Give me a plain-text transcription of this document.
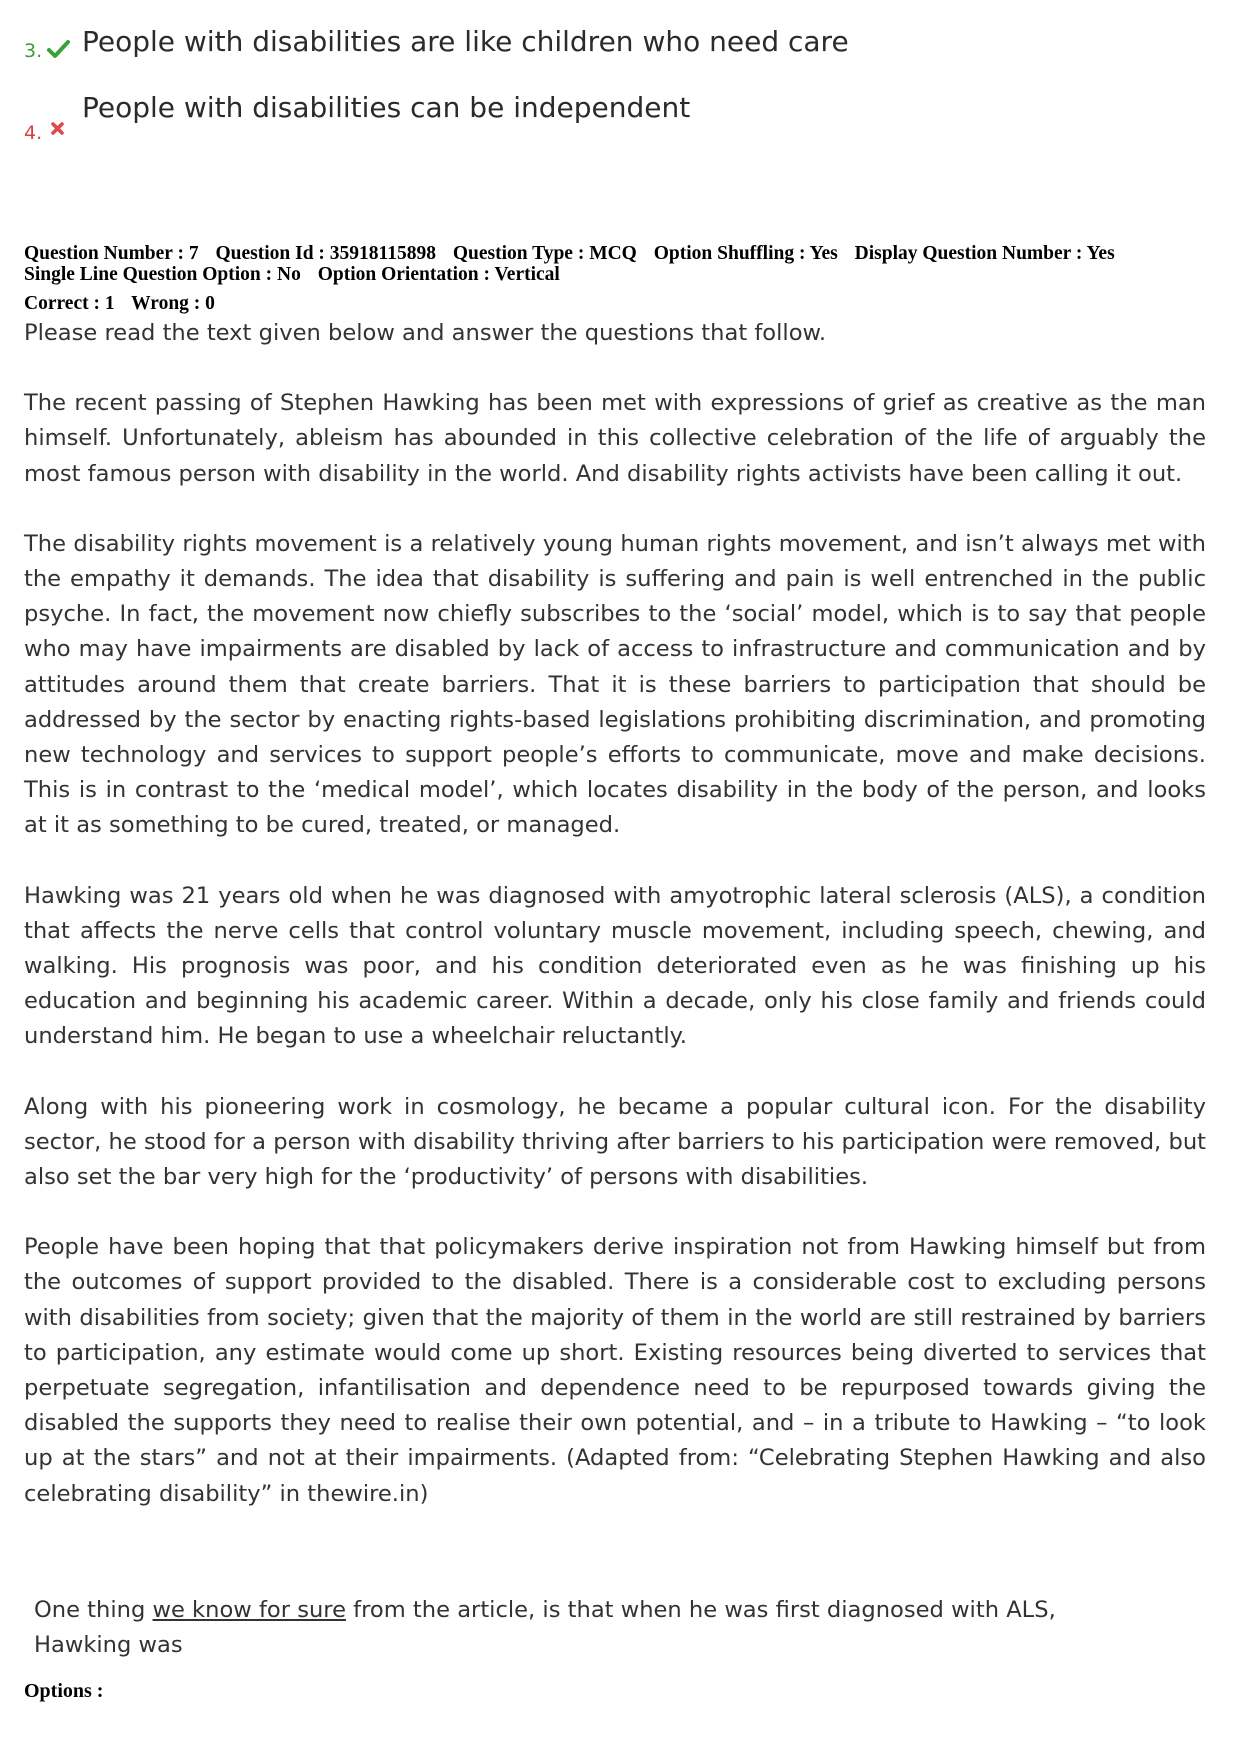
3. People with disabilities are like children who need care
4.
People with disabilities can be independent
Question Number : 7 Question Id : 35918115898 Question Type : MCQ Option Shuffling : Yes Display Question Number : Yes
Single Line Question Option : No Option Orientation : Vertical
Correct : 1 Wrong : 0

Please read the text given below and answer the questions that follow.

The recent passing of Stephen Hawking has been met with expressions of grief as creative as the man himself. Unfortunately, ableism has abounded in this collective celebration of the life of arguably the most famous person with disability in the world. And disability rights activists have been calling it out.

The disability rights movement is a relatively young human rights movement, and isn’t always met with the empathy it demands. The idea that disability is suffering and pain is well entrenched in the public psyche. In fact, the movement now chiefly subscribes to the ‘social’ model, which is to say that people who may have impairments are disabled by lack of access to infrastructure and communication and by attitudes around them that create barriers. That it is these barriers to participation that should be addressed by the sector by enacting rights-based legislations prohibiting discrimination, and promoting new technology and services to support people’s efforts to communicate, move and make decisions. This is in contrast to the ‘medical model’, which locates disability in the body of the person, and looks at it as something to be cured, treated, or managed.

Hawking was 21 years old when he was diagnosed with amyotrophic lateral sclerosis (ALS), a condition that affects the nerve cells that control voluntary muscle movement, including speech, chewing, and walking. His prognosis was poor, and his condition deteriorated even as he was finishing up his education and beginning his academic career. Within a decade, only his close family and friends could understand him. He began to use a wheelchair reluctantly.

Along with his pioneering work in cosmology, he became a popular cultural icon. For the disability sector, he stood for a person with disability thriving after barriers to his participation were removed, but also set the bar very high for the ‘productivity’ of persons with disabilities.

People have been hoping that that policymakers derive inspiration not from Hawking himself but from the outcomes of support provided to the disabled. There is a considerable cost to excluding persons with disabilities from society; given that the majority of them in the world are still restrained by barriers to participation, any estimate would come up short. Existing resources being diverted to services that perpetuate segregation, infantilisation and dependence need to be repurposed towards giving the disabled the supports they need to realise their own potential, and – in a tribute to Hawking – “to look up at the stars” and not at their impairments. (Adapted from: “Celebrating Stephen Hawking and also celebrating disability” in thewire.in)

One thing we know for sure from the article, is that when he was first diagnosed with ALS,
Hawking was
Options :
